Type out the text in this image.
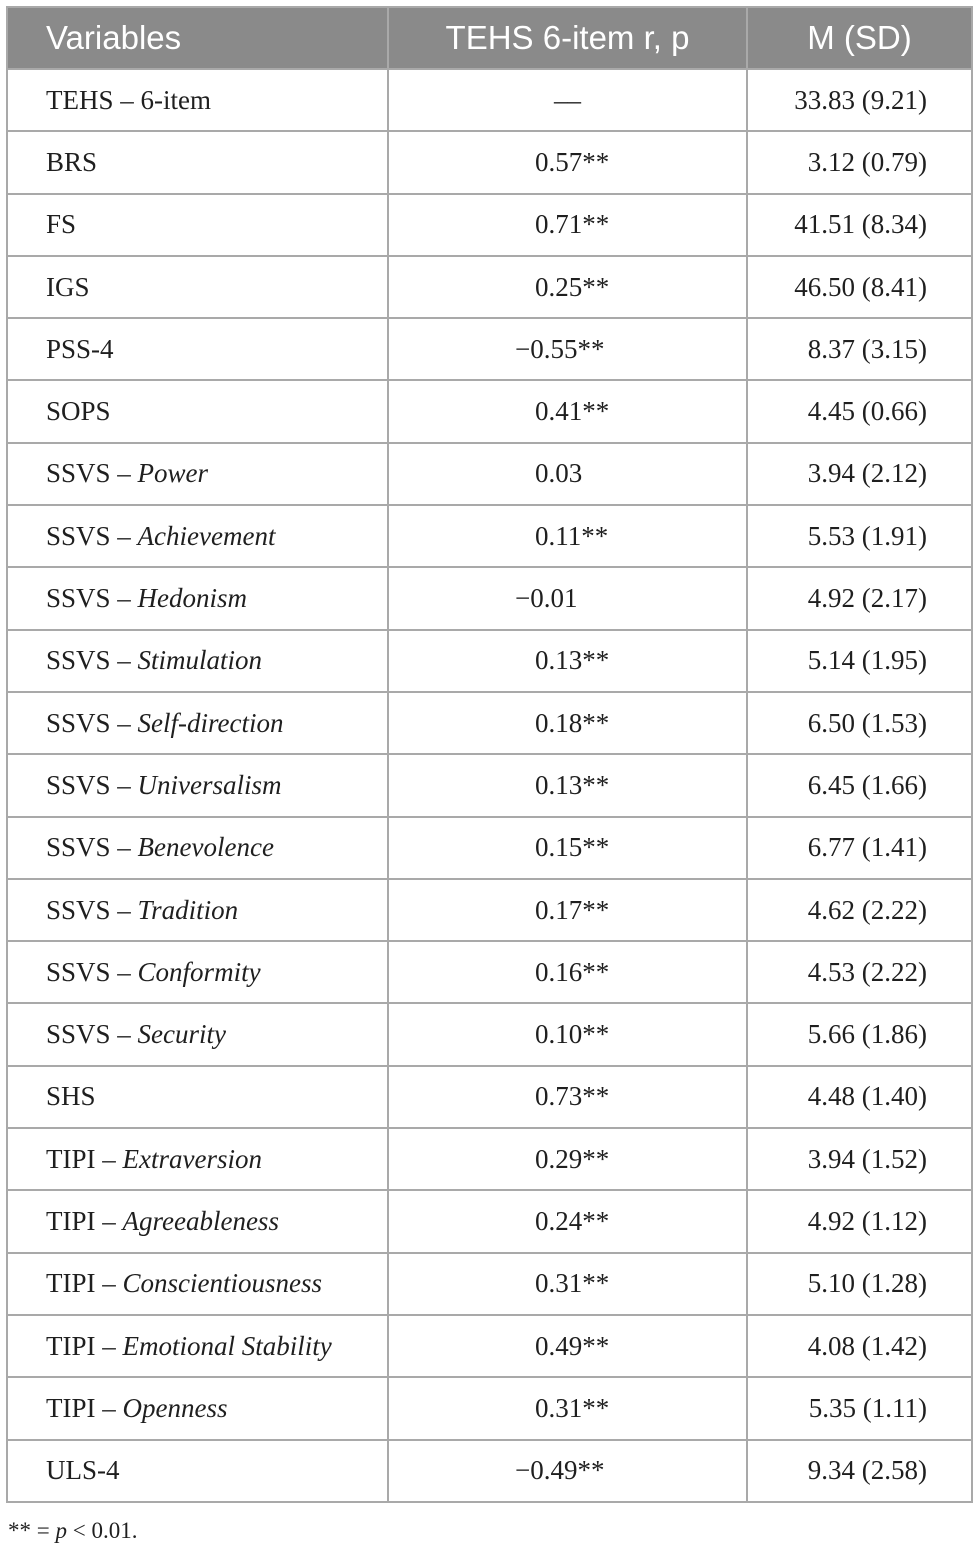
Variables	TEHS 6-item r, p	M (SD)
TEHS – 6-item	––	33.83 (9.21)
BRS	0.57**	3.12 (0.79)
FS	0.71**	41.51 (8.34)
IGS	0.25**	46.50 (8.41)
PSS-4	−0.55**	8.37 (3.15)
SOPS	0.41**	4.45 (0.66)
SSVS – Power	0.03	3.94 (2.12)
SSVS – Achievement	0.11**	5.53 (1.91)
SSVS – Hedonism	−0.01	4.92 (2.17)
SSVS – Stimulation	0.13**	5.14 (1.95)
SSVS – Self-direction	0.18**	6.50 (1.53)
SSVS – Universalism	0.13**	6.45 (1.66)
SSVS – Benevolence	0.15**	6.77 (1.41)
SSVS – Tradition	0.17**	4.62 (2.22)
SSVS – Conformity	0.16**	4.53 (2.22)
SSVS – Security	0.10**	5.66 (1.86)
SHS	0.73**	4.48 (1.40)
TIPI – Extraversion	0.29**	3.94 (1.52)
TIPI – Agreeableness	0.24**	4.92 (1.12)
TIPI – Conscientiousness	0.31**	5.10 (1.28)
TIPI – Emotional Stability	0.49**	4.08 (1.42)
TIPI – Openness	0.31**	5.35 (1.11)
ULS-4	−0.49**	9.34 (2.58)
** = p < 0.01.
